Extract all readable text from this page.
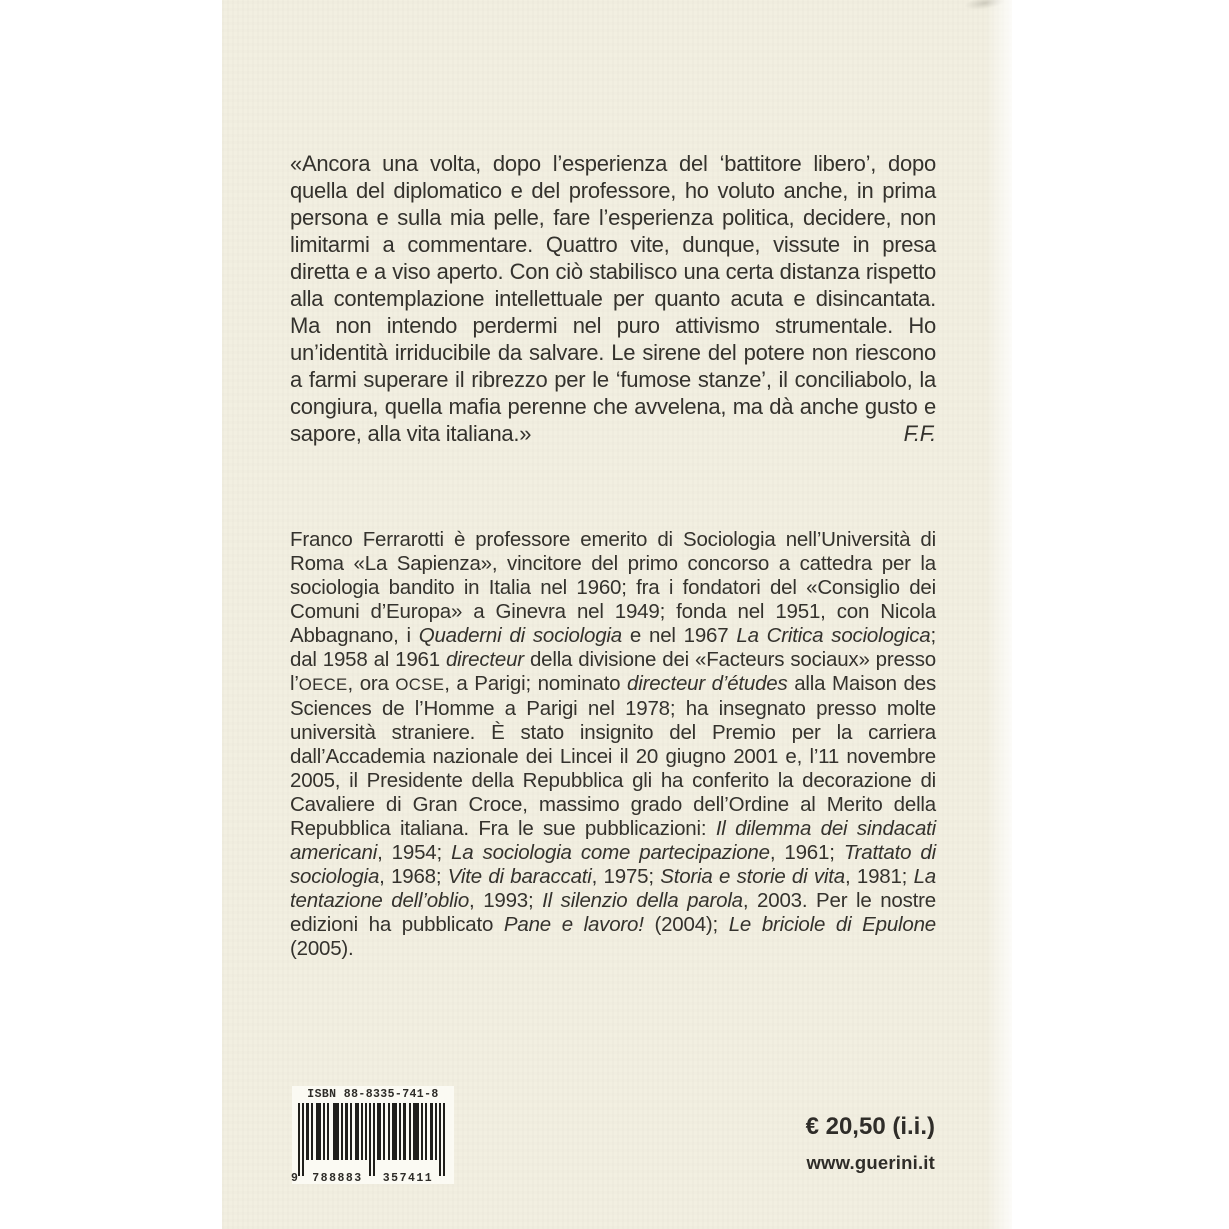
«Ancora una volta, dopo l’esperienza del ‘battitore libero’, dopo quella del diplomatico e del professore, ho voluto anche, in prima persona e sulla mia pelle, fare l’esperienza politica, decidere, non limitarmi a commentare. Quattro vite, dunque, vissute in presa diretta e a viso aperto. Con ciò stabilisco una certa distanza rispetto alla contemplazione intellettuale per quanto acuta e disincantata. Ma non intendo perdermi nel puro attivismo strumentale. Ho un’identità irriducibile da salvare. Le sirene del potere non riescono a farmi superare il ribrezzo per le ‘fumose stanze’, il conciliabolo, la congiura, quella mafia perenne che avvelena, ma dà anche gusto e sapore, alla vita italiana.»	F.F.
Franco Ferrarotti è professore emerito di Sociologia nell’Università di Roma «La Sapienza», vincitore del primo concorso a cattedra per la sociologia bandito in Italia nel 1960; fra i fondatori del «Consiglio dei Comuni d’Europa» a Ginevra nel 1949; fonda nel 1951, con Nicola Abbagnano, i Quaderni di sociologia e nel 1967 La Critica sociologica; dal 1958 al 1961 directeur della divisione dei «Facteurs sociaux» presso l’OECE, ora OCSE, a Parigi; nominato directeur d’études alla Maison des Sciences de l’Homme a Parigi nel 1978; ha insegnato presso molte università straniere. È stato insignito del Premio per la carriera dall’Accademia nazionale dei Lincei il 20 giugno 2001 e, l’11 novembre 2005, il Presidente della Repubblica gli ha conferito la decorazione di Cavaliere di Gran Croce, massimo grado dell’Ordine al Merito della Repubblica italiana. Fra le sue pubblicazioni: Il dilemma dei sindacati americani, 1954; La sociologia come partecipazione, 1961; Trattato di sociologia, 1968; Vite di baraccati, 1975; Storia e storie di vita, 1981; La tentazione dell’oblio, 1993; Il silenzio della parola, 2003. Per le nostre edizioni ha pubblicato Pane e lavoro! (2004); Le briciole di Epulone (2005).
ISBN 88-8335-741-8
9	788883	357411
€ 20,50 (i.i.)
www.guerini.it
